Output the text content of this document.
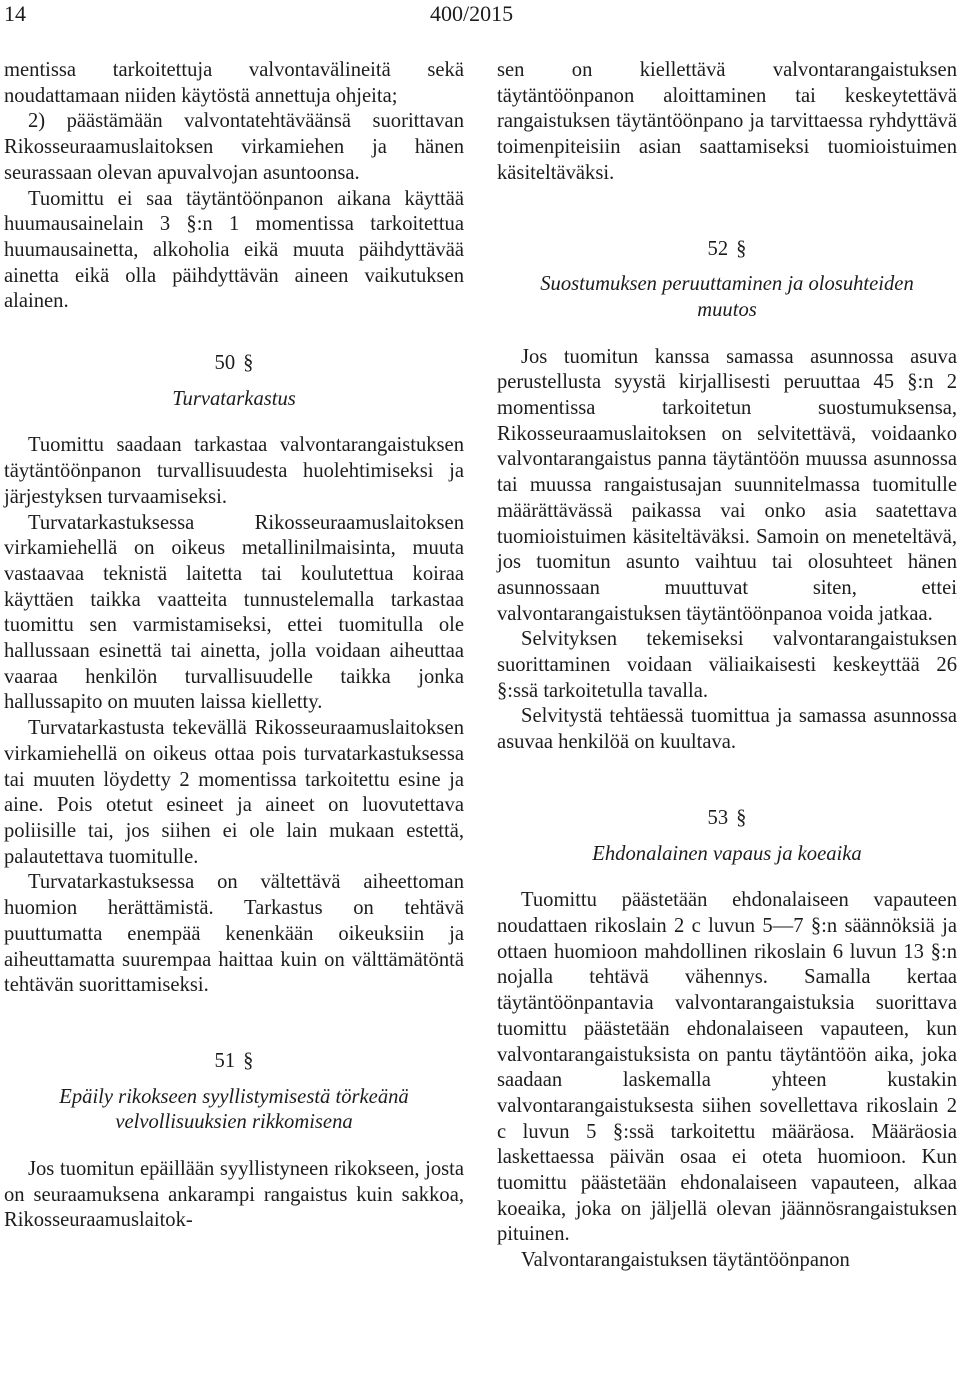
14	400/2015

mentissa tarkoitettuja valvontavälineitä sekä noudattamaan niiden käytöstä annettuja ohjeita;

2) päästämään valvontatehtäväänsä suorittavan Rikosseuraamuslaitoksen virkamiehen ja hänen seurassaan olevan apuvalvojan asuntoonsa.

Tuomittu ei saa täytäntöönpanon aikana käyttää huumausainelain 3 §:n 1 momentissa tarkoitettua huumausainetta, alkoholia eikä muuta päihdyttävää ainetta eikä olla päihdyttävän aineen vaikutuksen alainen.

50 §
Turvatarkastus

Tuomittu saadaan tarkastaa valvontarangaistuksen täytäntöönpanon turvallisuudesta huolehtimiseksi ja järjestyksen turvaamiseksi.

Turvatarkastuksessa Rikosseuraamuslaitoksen virkamiehellä on oikeus metallinilmaisinta, muuta vastaavaa teknistä laitetta tai koulutettua koiraa käyttäen taikka vaatteita tunnustelemalla tarkastaa tuomittu sen varmistamiseksi, ettei tuomitulla ole hallussaan esinettä tai ainetta, jolla voidaan aiheuttaa vaaraa henkilön turvallisuudelle taikka jonka hallussapito on muuten laissa kielletty.

Turvatarkastusta tekevällä Rikosseuraamuslaitoksen virkamiehellä on oikeus ottaa pois turvatarkastuksessa tai muuten löydetty 2 momentissa tarkoitettu esine ja aine. Pois otetut esineet ja aineet on luovutettava poliisille tai, jos siihen ei ole lain mukaan estettä, palautettava tuomitulle.

Turvatarkastuksessa on vältettävä aiheettoman huomion herättämistä. Tarkastus on tehtävä puuttumatta enempää kenenkään oikeuksiin ja aiheuttamatta suurempaa haittaa kuin on välttämätöntä tehtävän suorittamiseksi.

51 §
Epäily rikokseen syyllistymisestä törkeänä velvollisuuksien rikkomisena

Jos tuomitun epäillään syyllistyneen rikokseen, josta on seuraamuksena ankarampi rangaistus kuin sakkoa, Rikosseuraamuslaitok-

sen on kiellettävä valvontarangaistuksen täytäntöönpanon aloittaminen tai keskeytettävä rangaistuksen täytäntöönpano ja tarvittaessa ryhdyttävä toimenpiteisiin asian saattamiseksi tuomioistuimen käsiteltäväksi.

52 §
Suostumuksen peruuttaminen ja olosuhteiden muutos

Jos tuomitun kanssa samassa asunnossa asuva perustellusta syystä kirjallisesti peruuttaa 45 §:n 2 momentissa tarkoitetun suostumuksensa, Rikosseuraamuslaitoksen on selvitettävä, voidaanko valvontarangaistus panna täytäntöön muussa asunnossa tai muussa rangaistusajan suunnitelmassa tuomitulle määrättävässä paikassa vai onko asia saatettava tuomioistuimen käsiteltäväksi. Samoin on meneteltävä, jos tuomitun asunto vaihtuu tai olosuhteet hänen asunnossaan muuttuvat siten, ettei valvontarangaistuksen täytäntöönpanoa voida jatkaa.

Selvityksen tekemiseksi valvontarangaistuksen suorittaminen voidaan väliaikaisesti keskeyttää 26 §:ssä tarkoitetulla tavalla.

Selvitystä tehtäessä tuomittua ja samassa asunnossa asuvaa henkilöä on kuultava.

53 §
Ehdonalainen vapaus ja koeaika

Tuomittu päästetään ehdonalaiseen vapauteen noudattaen rikoslain 2 c luvun 5—7 §:n säännöksiä ja ottaen huomioon mahdollinen rikoslain 6 luvun 13 §:n nojalla tehtävä vähennys. Samalla kertaa täytäntöönpantavia valvontarangaistuksia suorittava tuomittu päästetään ehdonalaiseen vapauteen, kun valvontarangaistuksista on pantu täytäntöön aika, joka saadaan laskemalla yhteen kustakin valvontarangaistuksesta siihen sovellettava rikoslain 2 c luvun 5 §:ssä tarkoitettu määräosa. Määräosia laskettaessa päivän osaa ei oteta huomioon. Kun tuomittu päästetään ehdonalaiseen vapauteen, alkaa koeaika, joka on jäljellä olevan jäännösrangaistuksen pituinen.

Valvontarangaistuksen täytäntöönpanon
